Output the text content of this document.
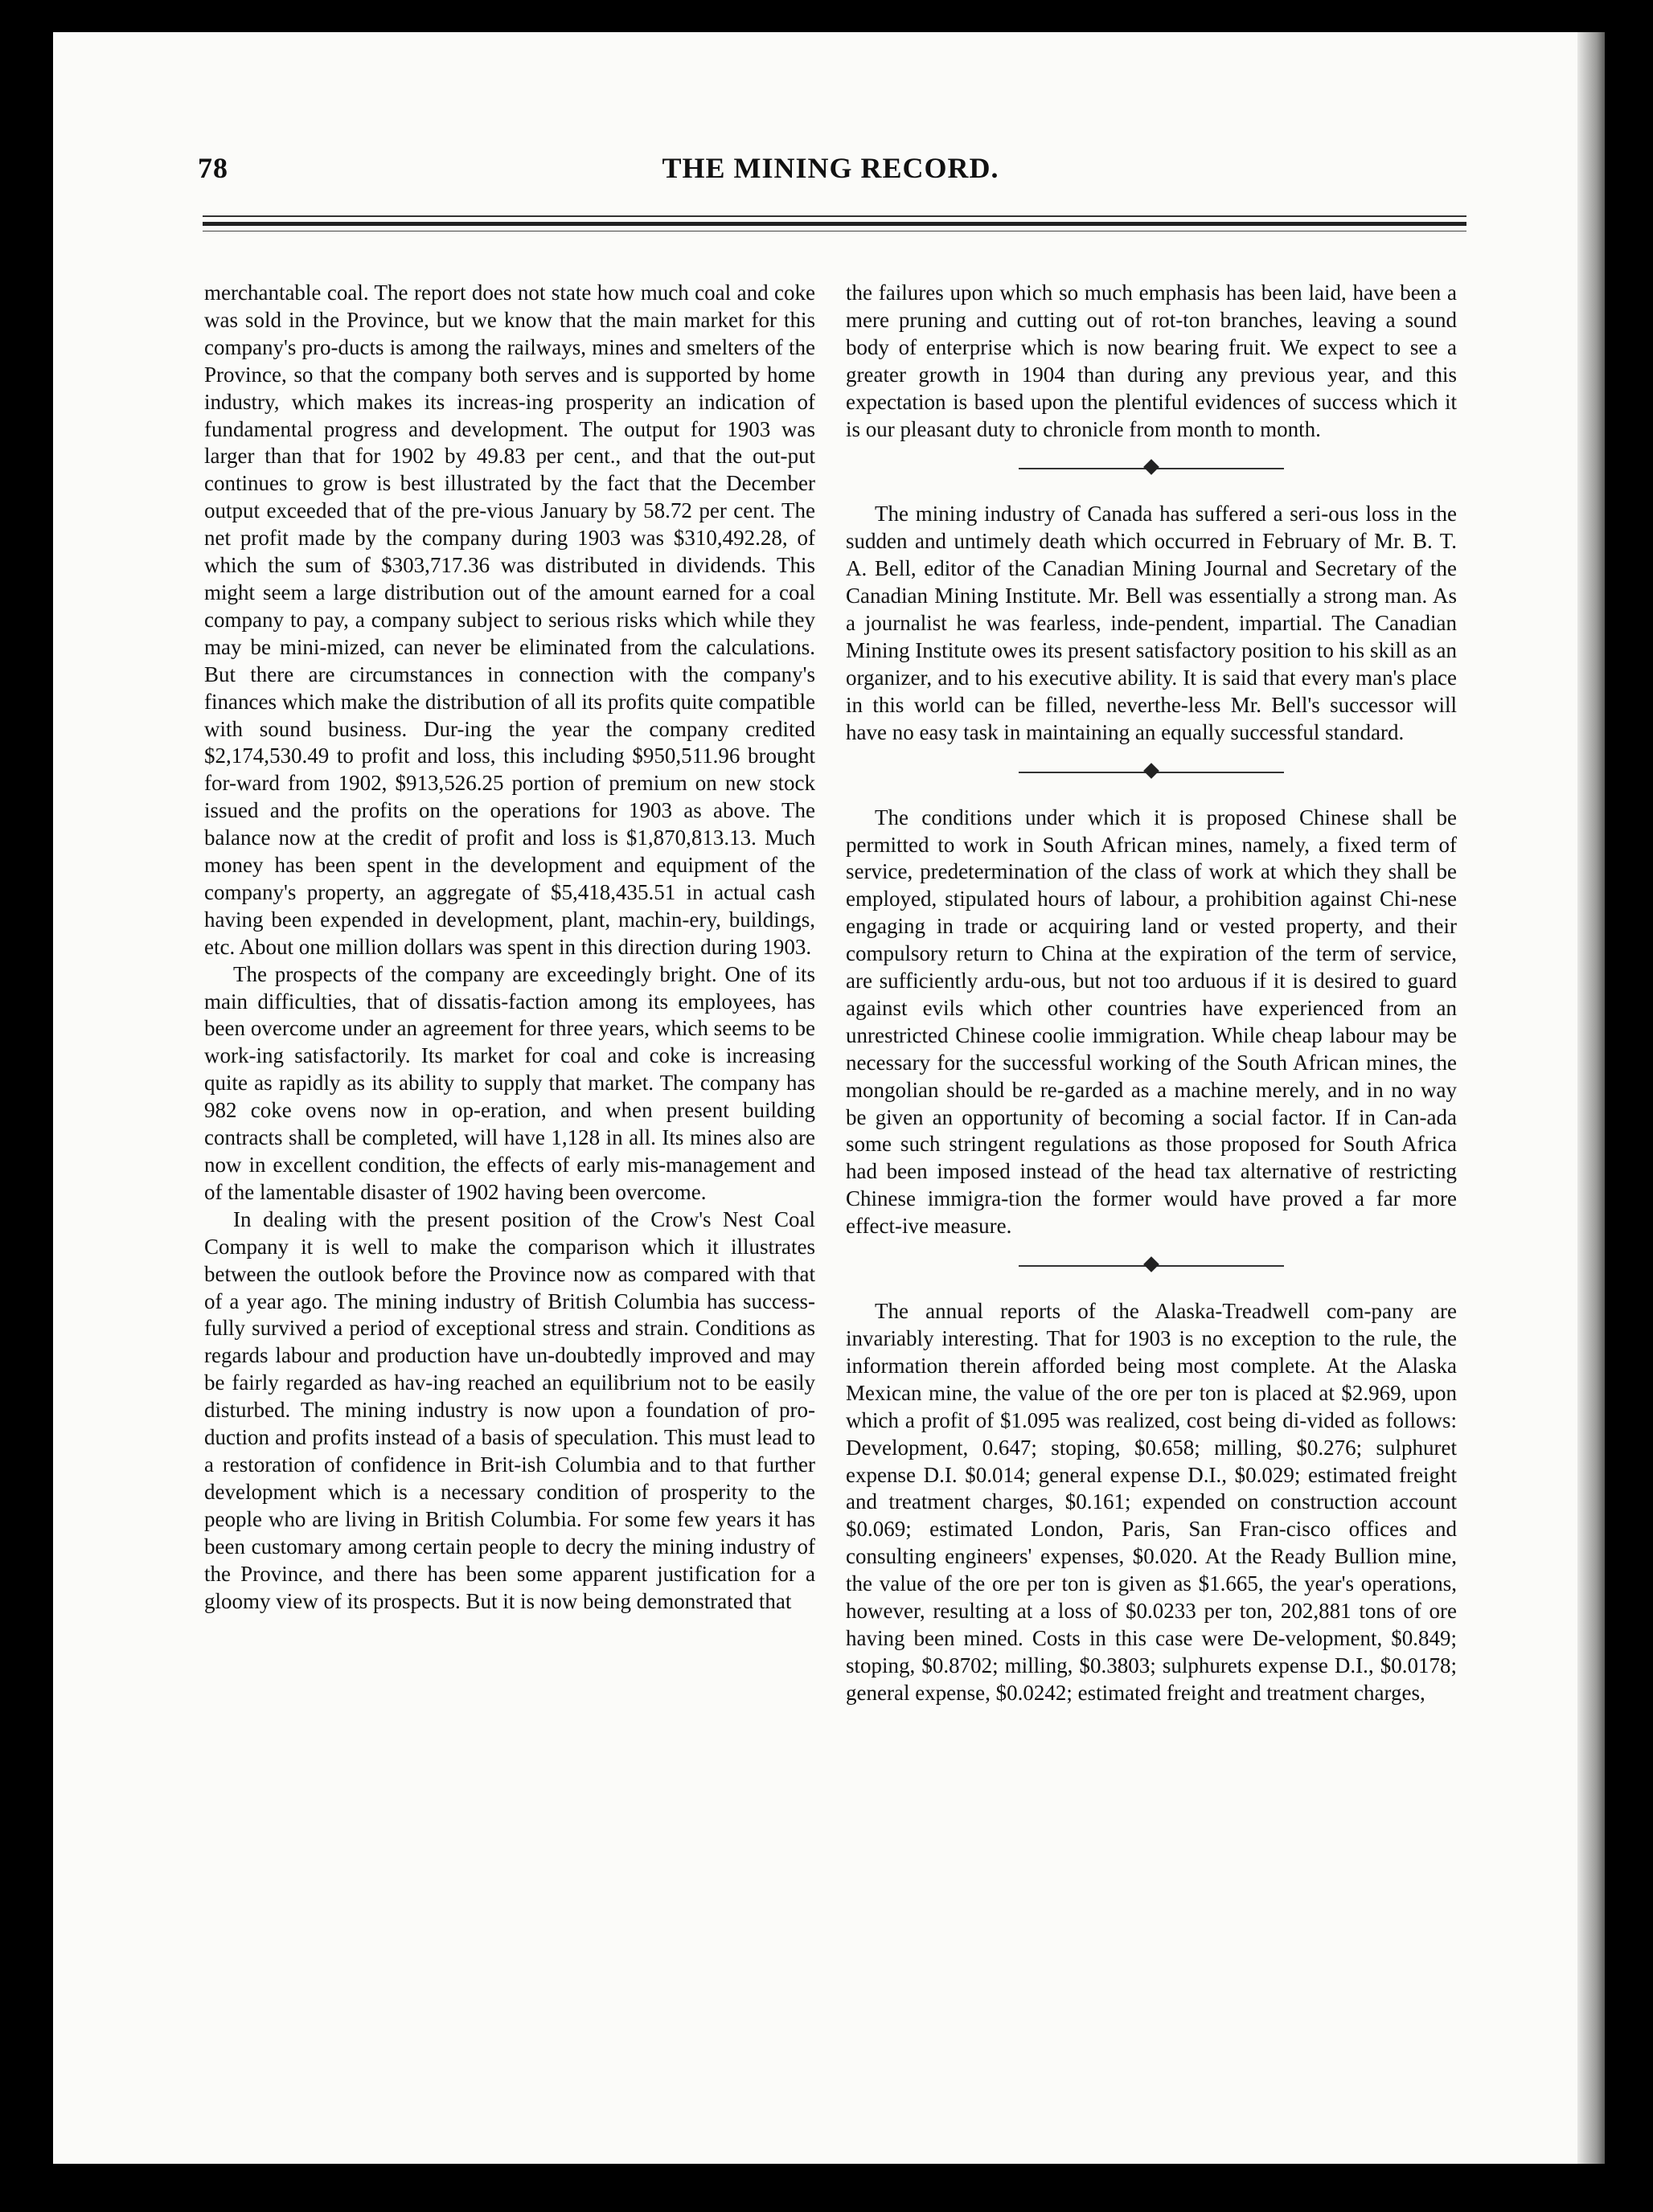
78	THE MINING RECORD.

merchantable coal. The report does not state how much coal and coke was sold in the Province, but we know that the main market for this company's pro-ducts is among the railways, mines and smelters of the Province, so that the company both serves and is supported by home industry, which makes its increas-ing prosperity an indication of fundamental progress and development. The output for 1903 was larger than that for 1902 by 49.83 per cent., and that the out-put continues to grow is best illustrated by the fact that the December output exceeded that of the pre-vious January by 58.72 per cent. The net profit made by the company during 1903 was $310,492.28, of which the sum of $303,717.36 was distributed in dividends. This might seem a large distribution out of the amount earned for a coal company to pay, a company subject to serious risks which while they may be mini-mized, can never be eliminated from the calculations. But there are circumstances in connection with the company's finances which make the distribution of all its profits quite compatible with sound business. Dur-ing the year the company credited $2,174,530.49 to profit and loss, this including $950,511.96 brought for-ward from 1902, $913,526.25 portion of premium on new stock issued and the profits on the operations for 1903 as above. The balance now at the credit of profit and loss is $1,870,813.13. Much money has been spent in the development and equipment of the company's property, an aggregate of $5,418,435.51 in actual cash having been expended in development, plant, machin-ery, buildings, etc. About one million dollars was spent in this direction during 1903.

The prospects of the company are exceedingly bright. One of its main difficulties, that of dissatis-faction among its employees, has been overcome under an agreement for three years, which seems to be work-ing satisfactorily. Its market for coal and coke is increasing quite as rapidly as its ability to supply that market. The company has 982 coke ovens now in op-eration, and when present building contracts shall be completed, will have 1,128 in all. Its mines also are now in excellent condition, the effects of early mis-management and of the lamentable disaster of 1902 having been overcome.

In dealing with the present position of the Crow's Nest Coal Company it is well to make the comparison which it illustrates between the outlook before the Province now as compared with that of a year ago. The mining industry of British Columbia has success-fully survived a period of exceptional stress and strain. Conditions as regards labour and production have un-doubtedly improved and may be fairly regarded as hav-ing reached an equilibrium not to be easily disturbed. The mining industry is now upon a foundation of pro-duction and profits instead of a basis of speculation. This must lead to a restoration of confidence in Brit-ish Columbia and to that further development which is a necessary condition of prosperity to the people who are living in British Columbia. For some few years it has been customary among certain people to decry the mining industry of the Province, and there has been some apparent justification for a gloomy view of its prospects. But it is now being demonstrated that

the failures upon which so much emphasis has been laid, have been a mere pruning and cutting out of rot-ton branches, leaving a sound body of enterprise which is now bearing fruit. We expect to see a greater growth in 1904 than during any previous year, and this expectation is based upon the plentiful evidences of success which it is our pleasant duty to chronicle from month to month.

The mining industry of Canada has suffered a seri-ous loss in the sudden and untimely death which occurred in February of Mr. B. T. A. Bell, editor of the Canadian Mining Journal and Secretary of the Canadian Mining Institute. Mr. Bell was essentially a strong man. As a journalist he was fearless, inde-pendent, impartial. The Canadian Mining Institute owes its present satisfactory position to his skill as an organizer, and to his executive ability. It is said that every man's place in this world can be filled, neverthe-less Mr. Bell's successor will have no easy task in maintaining an equally successful standard.

The conditions under which it is proposed Chinese shall be permitted to work in South African mines, namely, a fixed term of service, predetermination of the class of work at which they shall be employed, stipulated hours of labour, a prohibition against Chi-nese engaging in trade or acquiring land or vested property, and their compulsory return to China at the expiration of the term of service, are sufficiently ardu-ous, but not too arduous if it is desired to guard against evils which other countries have experienced from an unrestricted Chinese coolie immigration. While cheap labour may be necessary for the successful working of the South African mines, the mongolian should be re-garded as a machine merely, and in no way be given an opportunity of becoming a social factor. If in Can-ada some such stringent regulations as those proposed for South Africa had been imposed instead of the head tax alternative of restricting Chinese immigra-tion the former would have proved a far more effect-ive measure.

The annual reports of the Alaska-Treadwell com-pany are invariably interesting. That for 1903 is no exception to the rule, the information therein afforded being most complete. At the Alaska Mexican mine, the value of the ore per ton is placed at $2.969, upon which a profit of $1.095 was realized, cost being di-vided as follows: Development, 0.647; stoping, $0.658; milling, $0.276; sulphuret expense D.I. $0.014; general expense D.I., $0.029; estimated freight and treatment charges, $0.161; expended on construction account $0.069; estimated London, Paris, San Fran-cisco offices and consulting engineers' expenses, $0.020. At the Ready Bullion mine, the value of the ore per ton is given as $1.665, the year's operations, however, resulting at a loss of $0.0233 per ton, 202,881 tons of ore having been mined. Costs in this case were De-velopment, $0.849; stoping, $0.8702; milling, $0.3803; sulphurets expense D.I., $0.0178; general expense, $0.0242; estimated freight and treatment charges,
